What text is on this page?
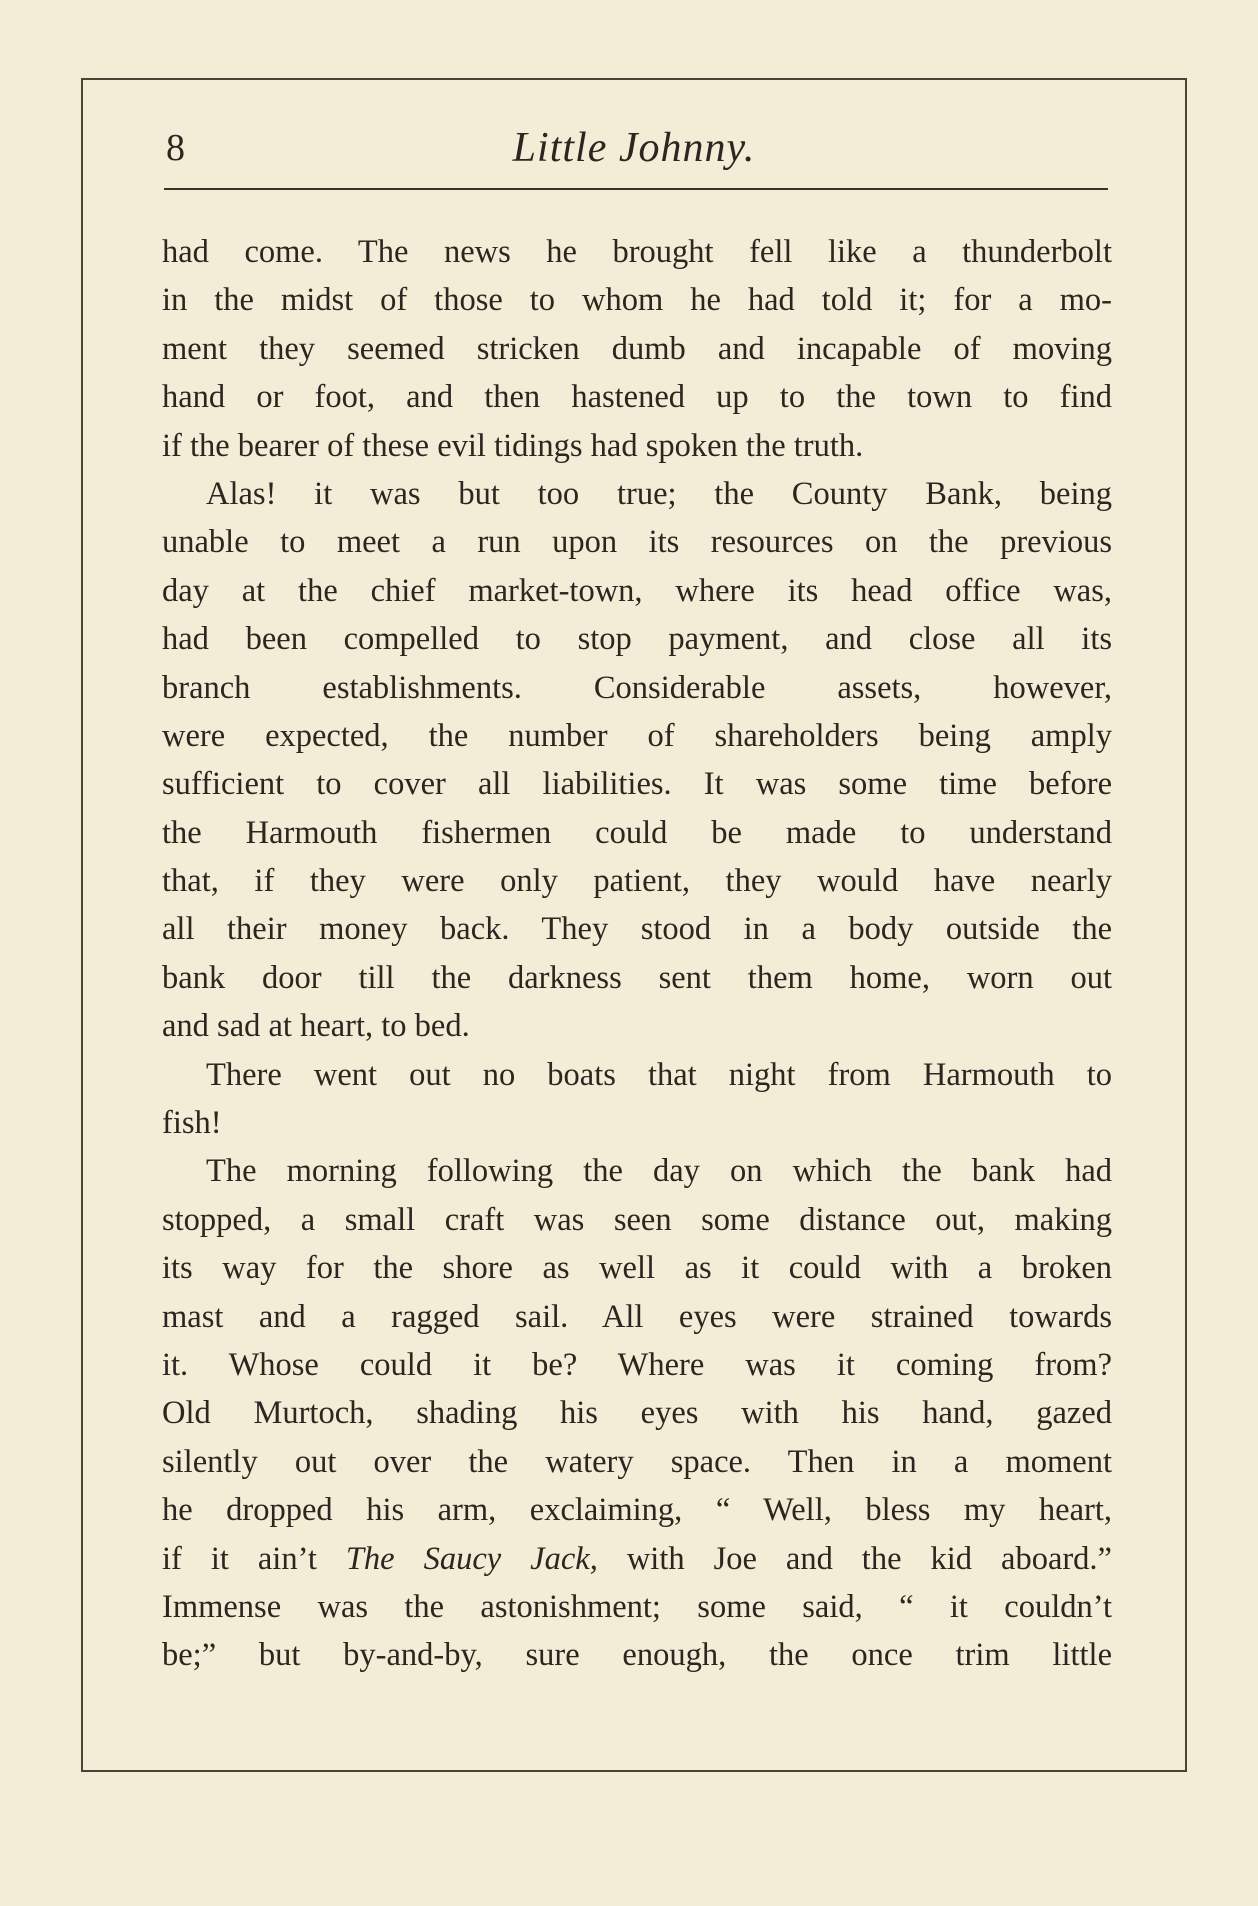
8	Little Johnny.
had come. The news he brought fell like a thunderbolt
in the midst of those to whom he had told it; for a mo-
ment they seemed stricken dumb and incapable of moving
hand or foot, and then hastened up to the town to find
if the bearer of these evil tidings had spoken the truth.
Alas! it was but too true; the County Bank, being
unable to meet a run upon its resources on the previous
day at the chief market-town, where its head office was,
had been compelled to stop payment, and close all its
branch establishments. Considerable assets, however,
were expected, the number of shareholders being amply
sufficient to cover all liabilities. It was some time before
the Harmouth fishermen could be made to understand
that, if they were only patient, they would have nearly
all their money back. They stood in a body outside the
bank door till the darkness sent them home, worn out
and sad at heart, to bed.
There went out no boats that night from Harmouth to
fish!
The morning following the day on which the bank had
stopped, a small craft was seen some distance out, making
its way for the shore as well as it could with a broken
mast and a ragged sail. All eyes were strained towards
it. Whose could it be? Where was it coming from?
Old Murtoch, shading his eyes with his hand, gazed
silently out over the watery space. Then in a moment
he dropped his arm, exclaiming, “ Well, bless my heart,
if it ain’t The Saucy Jack, with Joe and the kid aboard.”
Immense was the astonishment; some said, “ it couldn’t
be;” but by-and-by, sure enough, the once trim little
